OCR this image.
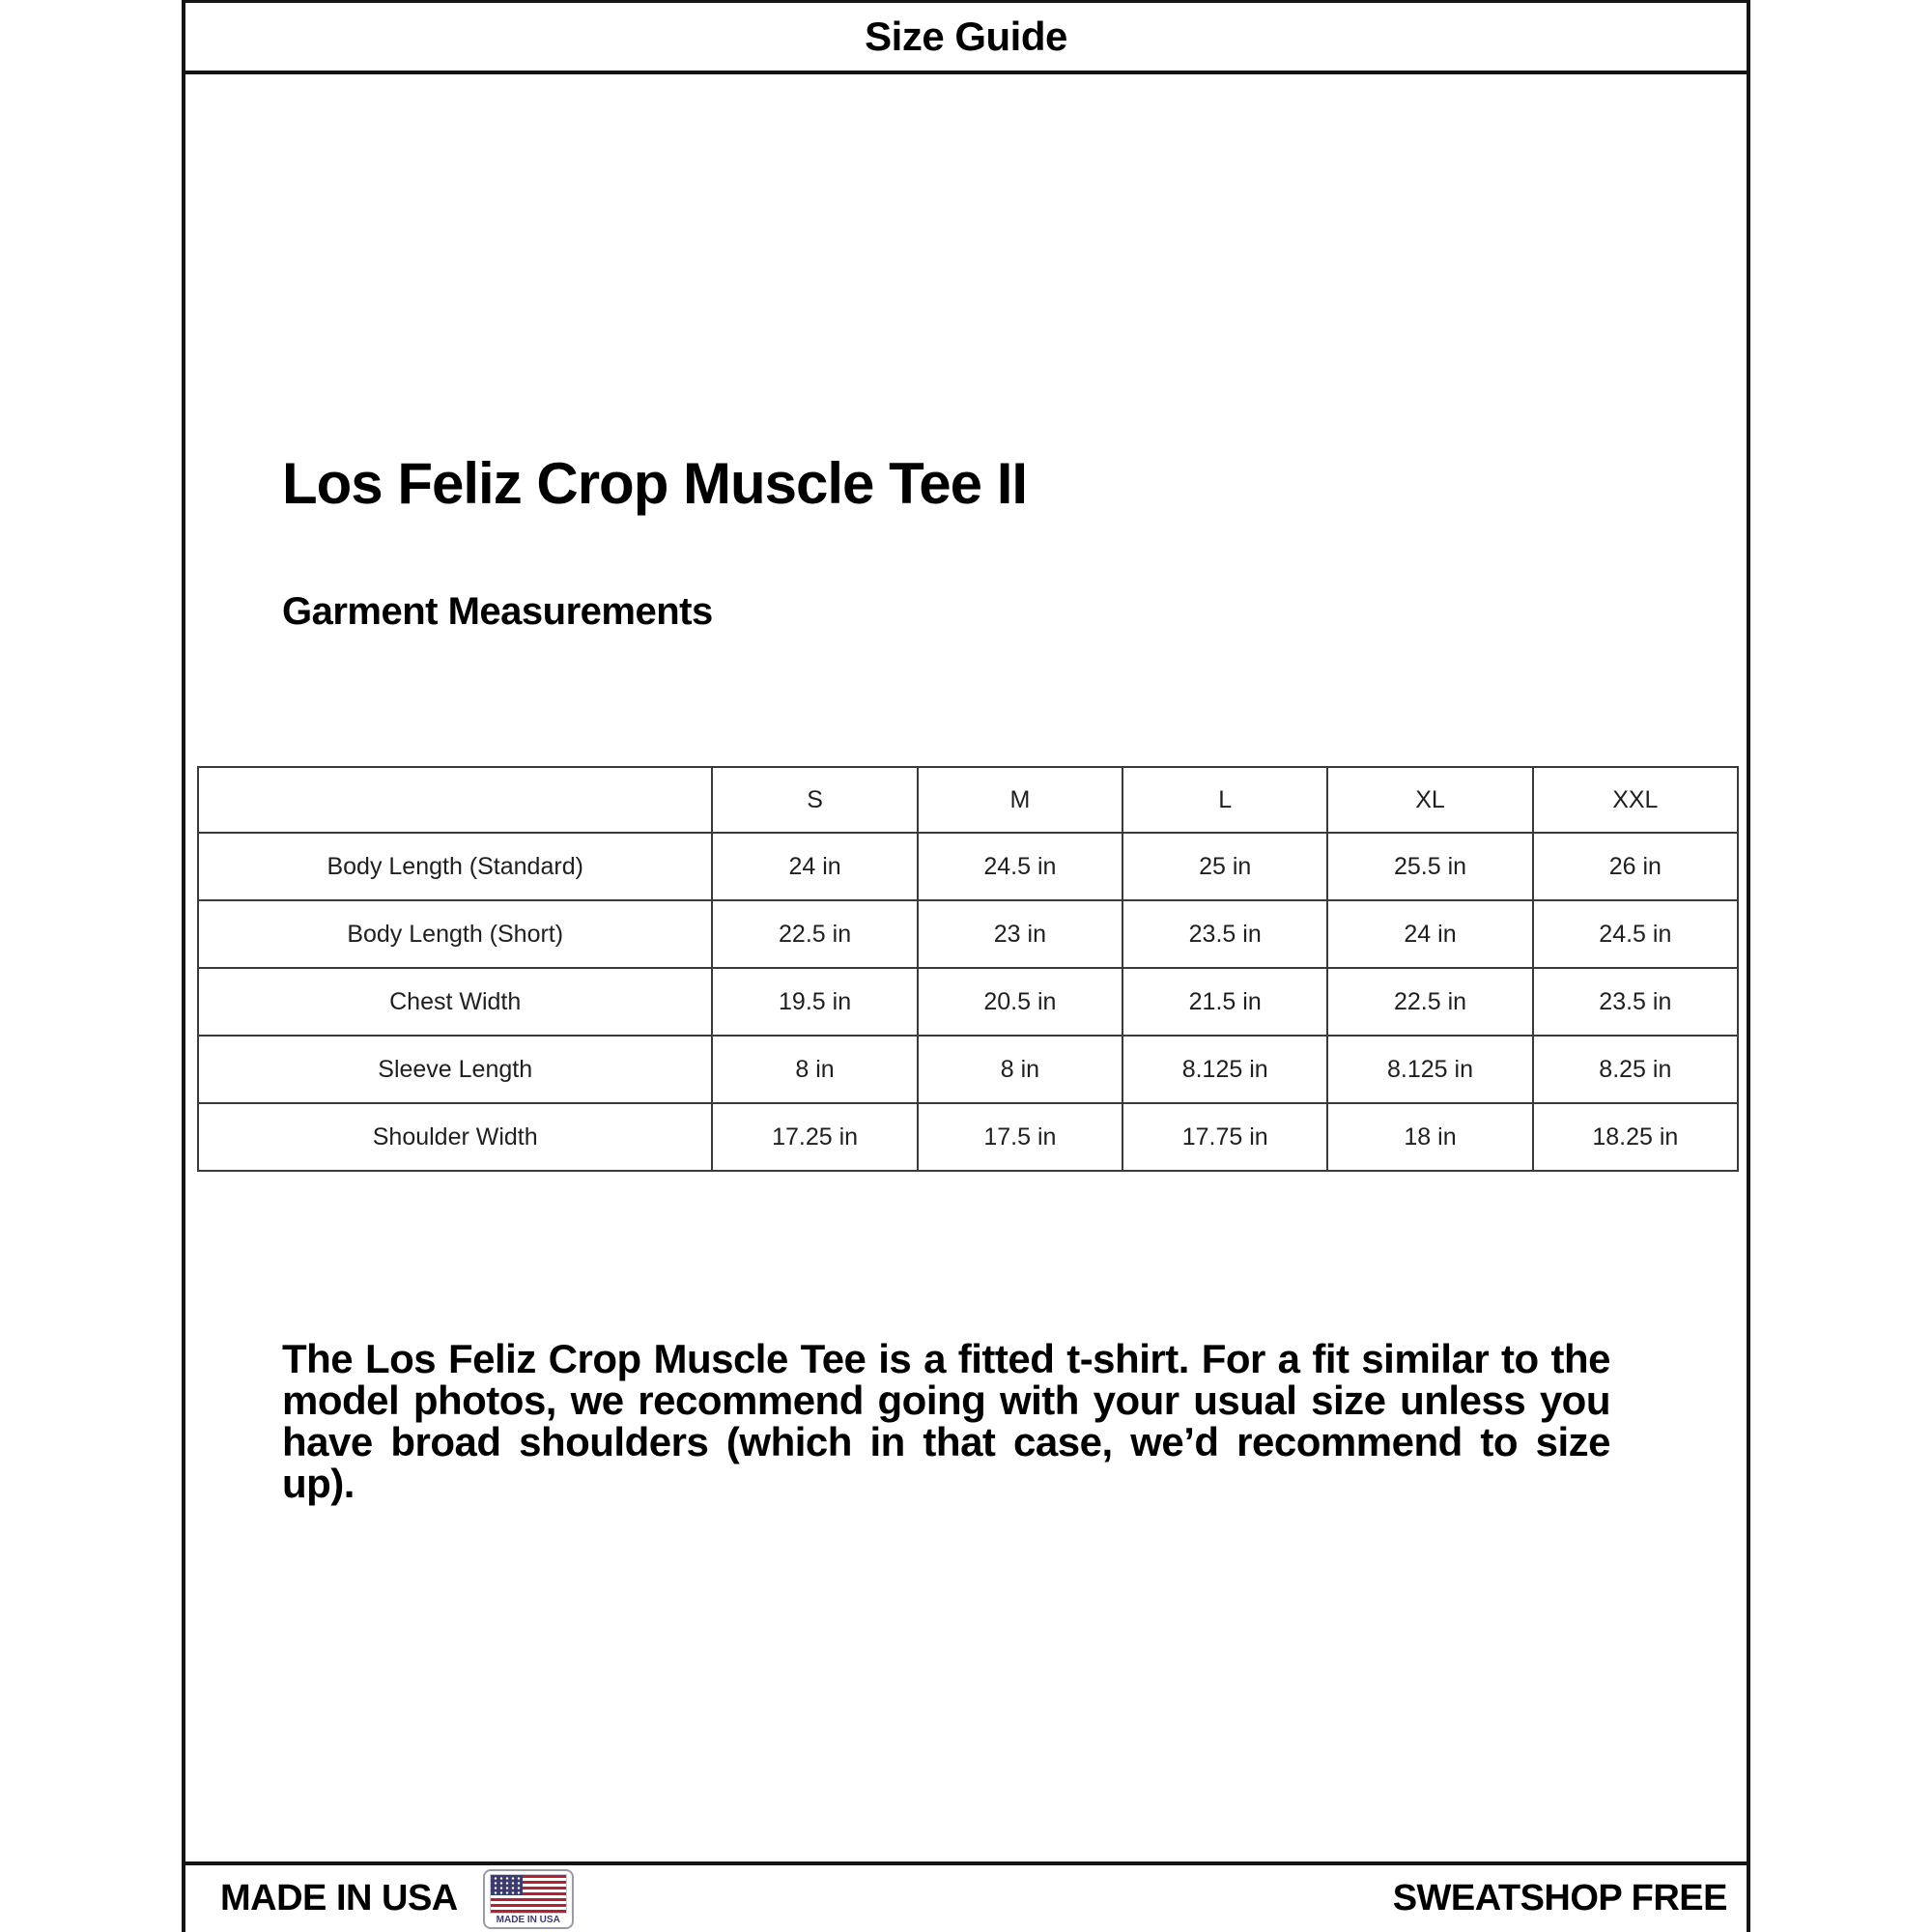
Size Guide
Los Feliz Crop Muscle Tee II
Garment Measurements
	S	M	L	XL	XXL
Body Length (Standard)	24 in	24.5 in	25 in	25.5 in	26 in
Body Length (Short)	22.5 in	23 in	23.5 in	24 in	24.5 in
Chest Width	19.5 in	20.5 in	21.5 in	22.5 in	23.5 in
Sleeve Length	8 in	8 in	8.125 in	8.125 in	8.25 in
Shoulder Width	17.25 in	17.5 in	17.75 in	18 in	18.25 in
The Los Feliz Crop Muscle Tee is a fitted t-shirt. For a fit similar to the model photos, we recommend going with your usual size unless you have broad shoulders (which in that case, we’d recommend to size up).
MADE IN USA
MADE IN USA
SWEATSHOP FREE
